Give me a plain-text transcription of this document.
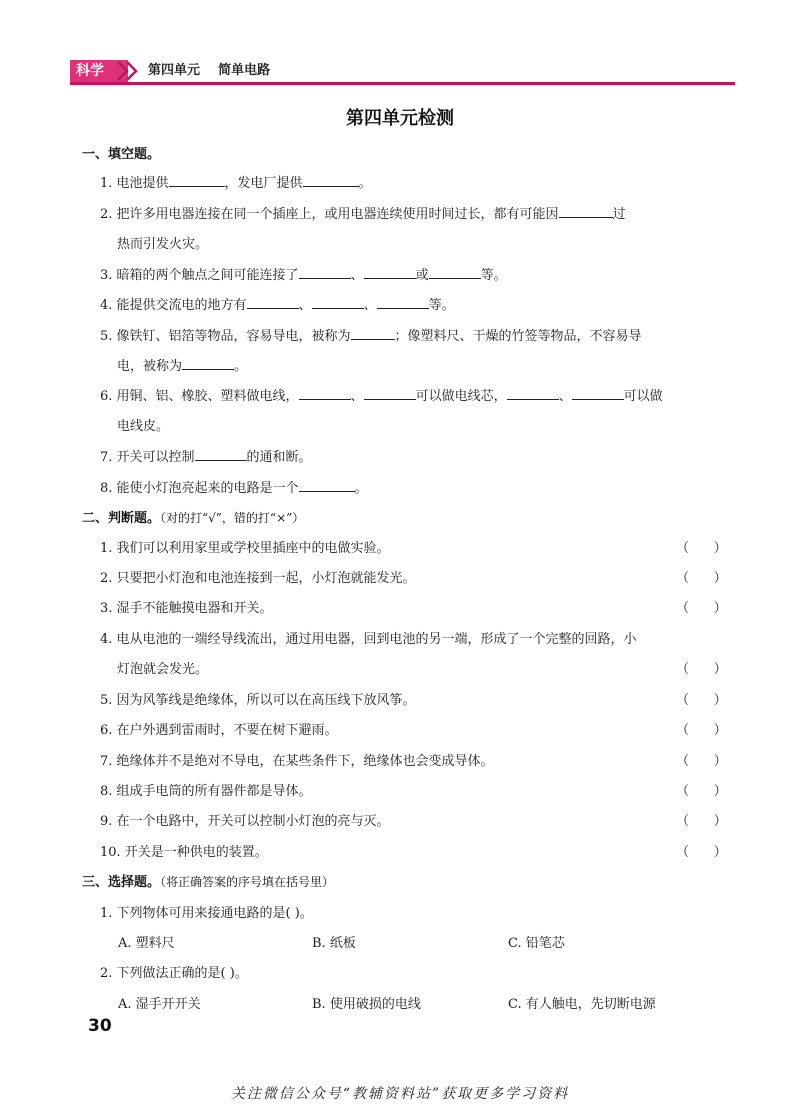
科学	第四单元    简单电路
第四单元检测
一、填空题。
1. 电池提供	，发电厂提供	。
2. 把许多用电器连接在同一个插座上，或用电器连续使用时间过长，都有可能因	过
热而引发火灾。
3. 暗箱的两个触点之间可能连接了	、	或	等。
4. 能提供交流电的地方有	、	、	等。
5. 像铁钉、铝箔等物品，容易导电，被称为	；像塑料尺、干燥的竹签等物品，不容易导
电，被称为	。
6. 用铜、铝、橡胶、塑料做电线，	、	可以做电线芯，	、	可以做
电线皮。
7. 开关可以控制	的通和断。
8. 能使小灯泡亮起来的电路是一个	。
二、判断题。（对的打“√”，错的打“×”）
1. 我们可以利用家里或学校里插座中的电做实验。	（      ）
2. 只要把小灯泡和电池连接到一起，小灯泡就能发光。	（      ）
3. 湿手不能触摸电器和开关。	（      ）
4. 电从电池的一端经导线流出，通过用电器，回到电池的另一端，形成了一个完整的回路，小
灯泡就会发光。	（      ）
5. 因为风筝线是绝缘体，所以可以在高压线下放风筝。	（      ）
6. 在户外遇到雷雨时，不要在树下避雨。	（      ）
7. 绝缘体并不是绝对不导电，在某些条件下，绝缘体也会变成导体。	（      ）
8. 组成手电筒的所有器件都是导体。	（      ）
9. 在一个电路中，开关可以控制小灯泡的亮与灭。	（      ）
10. 开关是一种供电的装置。	（      ）
三、选择题。（将正确答案的序号填在括号里）
1. 下列物体可用来接通电路的是( )。
A. 塑料尺	B. 纸板	C. 铅笔芯
2. 下列做法正确的是( )。
A. 湿手开开关	B. 使用破损的电线	C. 有人触电，先切断电源
30
关注微信公众号“教辅资料站”获取更多学习资料
